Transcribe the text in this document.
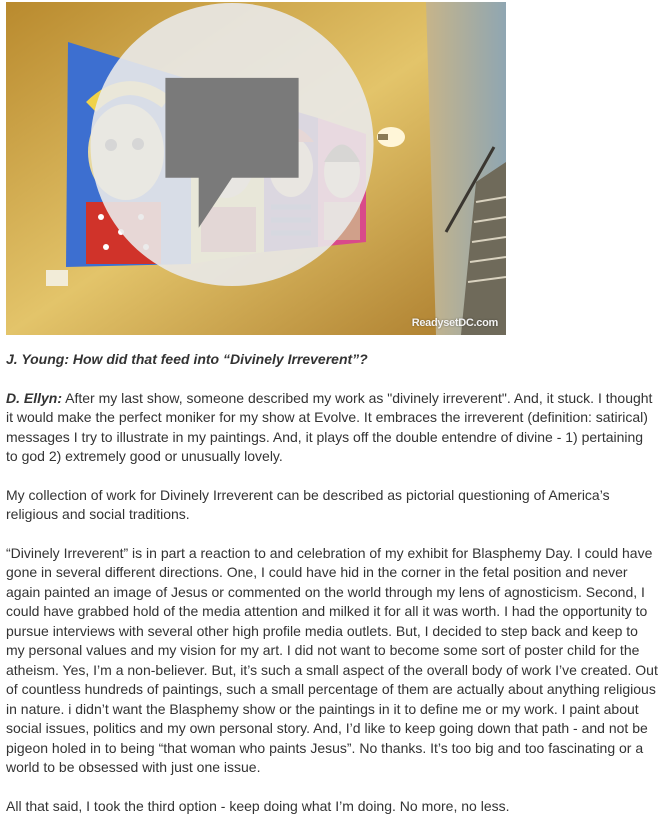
ReadysetDC.com

J. Young: How did that feed into “Divinely Irreverent”?

D. Ellyn: After my last show, someone described my work as "divinely irreverent". And, it stuck. I thought it would make the perfect moniker for my show at Evolve. It embraces the irreverent (definition: satirical) messages I try to illustrate in my paintings. And, it plays off the double entendre of divine - 1) pertaining to god 2) extremely good or unusually lovely.

My collection of work for Divinely Irreverent can be described as pictorial questioning of America’s religious and social traditions.

“Divinely Irreverent” is in part a reaction to and celebration of my exhibit for Blasphemy Day. I could have gone in several different directions. One, I could have hid in the corner in the fetal position and never again painted an image of Jesus or commented on the world through my lens of agnosticism. Second, I could have grabbed hold of the media attention and milked it for all it was worth. I had the opportunity to pursue interviews with several other high profile media outlets. But, I decided to step back and keep to my personal values and my vision for my art. I did not want to become some sort of poster child for the atheism. Yes, I’m a non-believer. But, it’s such a small aspect of the overall body of work I’ve created. Out of countless hundreds of paintings, such a small percentage of them are actually about anything religious in nature. i didn’t want the Blasphemy show or the paintings in it to define me or my work. I paint about social issues, politics and my own personal story. And, I’d like to keep going down that path - and not be pigeon holed in to being “that woman who paints Jesus”. No thanks. It’s too big and too fascinating or a world to be obsessed with just one issue.

All that said, I took the third option - keep doing what I’m doing. No more, no less.
